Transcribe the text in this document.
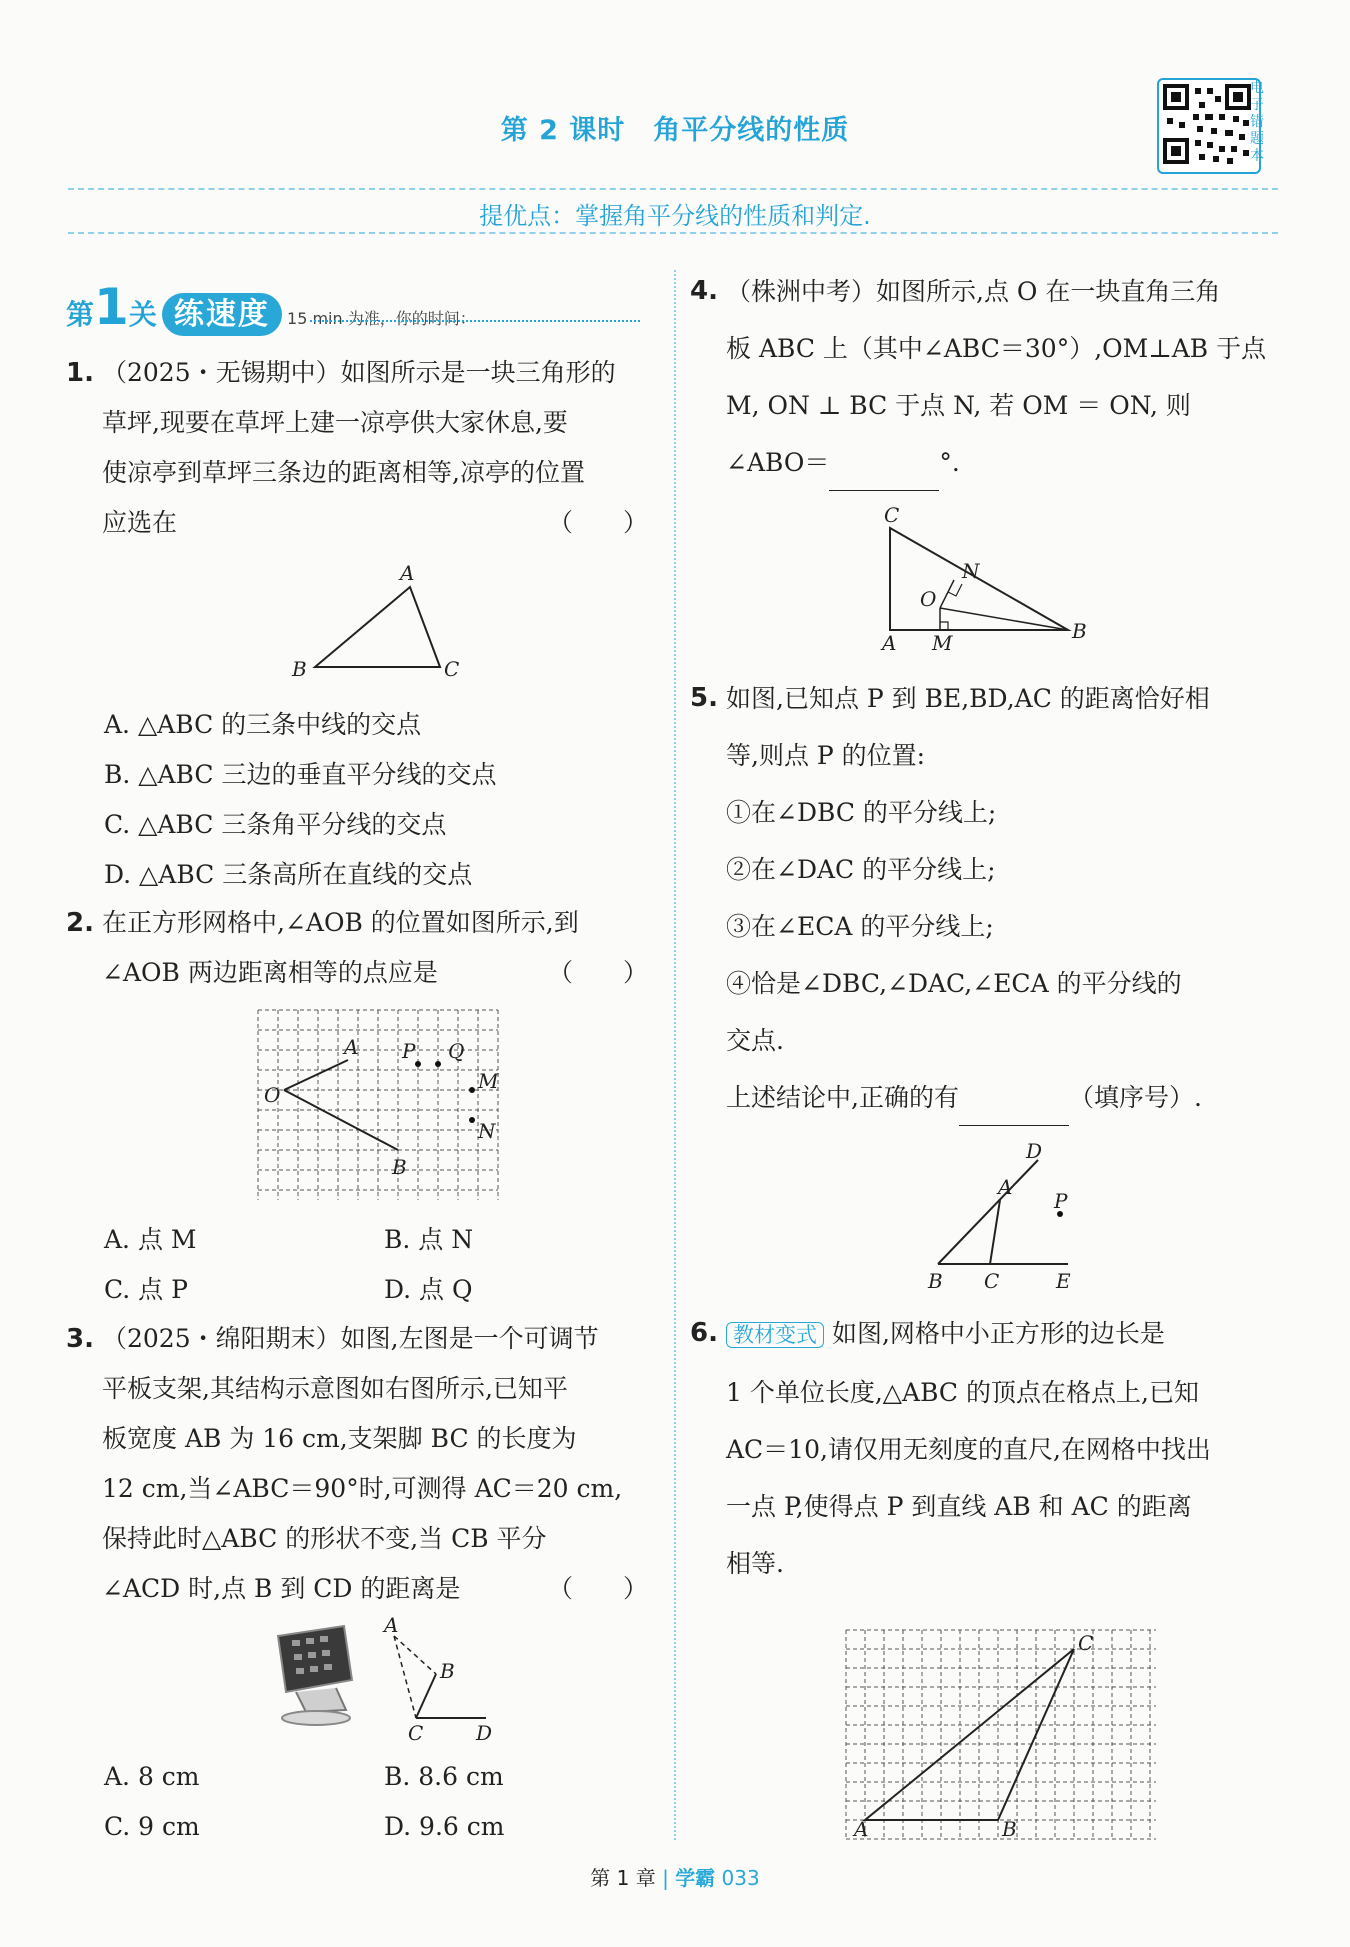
第 2 课时　角平分线的性质
电子错题本
提优点：掌握角平分线的性质和判定.
第1关 练速度 15 min 为准，你的时间：
1. （2025・无锡期中）如图所示是一块三角形的
草坪,现要在草坪上建一凉亭供大家休息,要
使凉亭到草坪三条边的距离相等,凉亭的位置
应选在	（　　）
A
B	C
A. △ABC 的三条中线的交点
B. △ABC 三边的垂直平分线的交点
C. △ABC 三条角平分线的交点
D. △ABC 三条高所在直线的交点
2. 在正方形网格中,∠AOB 的位置如图所示,到
∠AOB 两边距离相等的点应是	（　　）
O
A
B
P Q
M
N
A. 点 M	B. 点 N
C. 点 P	D. 点 Q
3. （2025・绵阳期末）如图,左图是一个可调节
平板支架,其结构示意图如右图所示,已知平
板宽度 AB 为 16 cm,支架脚 BC 的长度为
12 cm,当∠ABC＝90°时,可测得 AC＝20 cm,
保持此时△ABC 的形状不变,当 CB 平分
∠ACD 时,点 B 到 CD 的距离是	（　　）
A
B
C	D
A. 8 cm	B. 8.6 cm
C. 9 cm	D. 9.6 cm
4. （株洲中考）如图所示,点 O 在一块直角三角
板 ABC 上（其中∠ABC＝30°）,OM⊥AB 于点
M, ON ⊥ BC 于点 N, 若 OM ＝ ON, 则
∠ABO＝	°.
C
N
O
A M	B
5. 如图,已知点 P 到 BE,BD,AC 的距离恰好相
等,则点 P 的位置:
①在∠DBC 的平分线上;
②在∠DAC 的平分线上;
③在∠ECA 的平分线上;
④恰是∠DBC,∠DAC,∠ECA 的平分线的
交点.
上述结论中,正确的有	（填序号）.
D
A
P
B C	E
6. 教材变式 如图,网格中小正方形的边长是
1 个单位长度,△ABC 的顶点在格点上,已知
AC＝10,请仅用无刻度的直尺,在网格中找出
一点 P,使得点 P 到直线 AB 和 AC 的距离
相等.
A	B
C
第 1 章 | 学霸 033
